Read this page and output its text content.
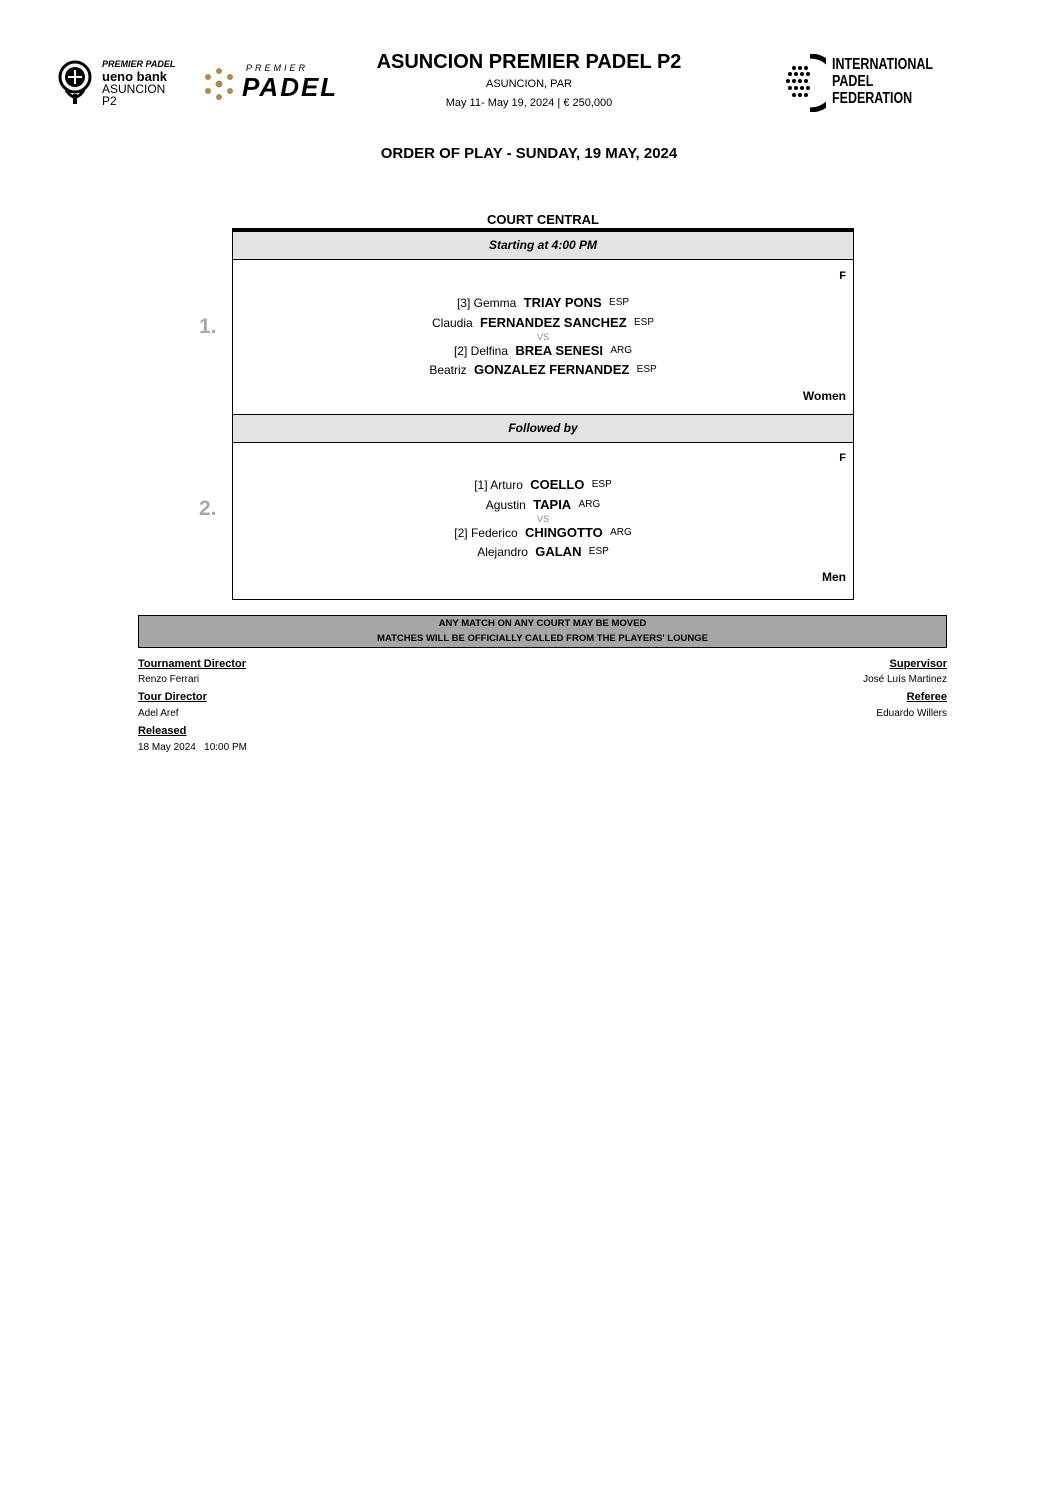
PREMIER PADEL
ueno bank
ASUNCION
P2
PREMIER
PADEL
ASUNCION PREMIER PADEL P2
ASUNCION, PAR
May 11- May 19, 2024 | € 250,000
INTERNATIONAL
PADEL
FEDERATION
ORDER OF PLAY - SUNDAY, 19 MAY, 2024
COURT CENTRAL
Starting at 4:00 PM
1.
F
[3] Gemma TRIAY PONS ESP
Claudia FERNANDEZ SANCHEZ ESP
VS
[2] Delfina BREA SENESI ARG
Beatriz GONZALEZ FERNANDEZ ESP
Women
Followed by
2.
F
[1] Arturo COELLO ESP
Agustin TAPIA ARG
VS
[2] Federico CHINGOTTO ARG
Alejandro GALAN ESP
Men
ANY MATCH ON ANY COURT MAY BE MOVED
MATCHES WILL BE OFFICIALLY CALLED FROM THE PLAYERS' LOUNGE
Tournament Director
Renzo Ferrari
Tour Director
Adel Aref
Released
18 May 2024   10:00 PM
Supervisor
José Luís Martinez
Referee
Eduardo Willers
